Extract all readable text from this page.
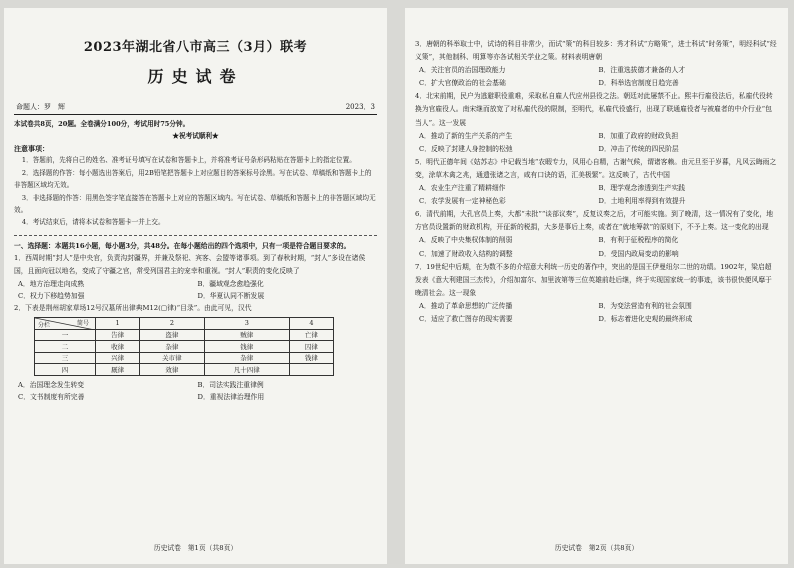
2023年湖北省八市高三（3月）联考
历史试卷
命题人：罗　辉	2023．3
本试卷共8页，20题。全卷满分100分，考试用时75分钟。
★祝考试顺利★
注意事项：
1．答题前，先将自己的姓名、准考证号填写在试卷和答题卡上，并将准考证号条形码粘贴在答题卡上的指定位置。
2．选择题的作答：每小题选出答案后，用2B铅笔把答题卡上对应题目的答案标号涂黑。写在试卷、草稿纸和答题卡上的非答题区域均无效。
3．非选择题的作答：用黑色签字笔直接答在答题卡上对应的答题区域内。写在试卷、草稿纸和答题卡上的非答题区域均无效。
4．考试结束后，请将本试卷和答题卡一并上交。
一、选择题：本题共16小题，每小题3分，共48分。在每小题给出的四个选项中，只有一项是符合题目要求的。
1．西周时期“封人”是中央官，负责沟封疆界，并兼及祭祀、宾客、会盟等诸事项。到了春秋时期，“封人”多设在诸侯国，且面向冠以地名，变成了守疆之官，常受列国君主的宠幸和重视。“封人”职责的变化反映了
A．地方治理走向成熟	B．疆域观念愈趋强化
C．权力下移趋势加强	D．华夏认同不断发展
2．下表是荆州胡家草场12号汉墓所出律典M12(▢律)“目录”。由此可见，汉代
简号
分栏	1	2	3	4
一	告律	盗律	贼律	亡律
二	收律	杂律	钱律	囚律
三	兴律	关市律	杂律	钱律
四	厩律	效律	凡十四律	
A．治国理念发生转变	B．司法实践注重律例
C．文书制度有所完善	D．重视法律治理作用
历史试卷　第1页（共8页）
3．唐朝的科举取士中，试诗的科目非常少，而试“策”的科目较多：秀才科试“方略策”，进士科试“时务策”，明经科试“经义策”，其他制科、明算等亦各试相关学业之策。材料表明唐朝
A．关注官员的治国理政能力	B．注重选拔德才兼备的人才
C．扩大官僚政治的社会基础	D．科举选官制度日趋完善
4．北宋前期，民户为逃避职役重难，采取私自雇人代应州县役之法。朝廷对此屡禁不止。熙丰行雇役法后，私雇代役转换为官雇役人。南宋继而放宽了对私雇代役的限制，至明代，私雇代役盛行，出现了联通雇役者与被雇者的中介行业“包当人”。这一发展
A．推动了新的生产关系的产生	B．加重了政府的财政负担
C．反映了封建人身控制的松弛	D．冲击了传统的四民阶层
5．明代正德年间《姑苏志》中记载当地“农暇专力，风用心自精，古谢气候，谓诸客赖。由元旦至于岁暮，凡风云晦雨之变，涂草木禽之兆，通遗张诸之言，咸有口诀的语，汇美极繁”。这反映了，古代中国
A．农业生产注重了精耕细作	B．理学观念渗透到生产实践
C．农学发展有一定神秘色彩	D．土地利用率得到有效提升
6．清代前期，大孔官员上奏，大都“未批”“谈部议奏”，反复议奏之后，才可能实施。到了晚清，这一情况有了变化，地方官员设置新的财政机构，开征新的税捐，大多是事后上奏，或者在“就地筹款”的原则下，不予上奏。这一变化的出现
A．反映了中央集权体制的削弱	B．有利于征税程序的简化
C．加速了财政收入结构的调整	D．受国内政局变动的影响
7．19世纪中后期，在为数不多的介绍意大利统一历史的著作中，突出的是国王伊曼纽尔二世的功绩。1902年，梁启超发表《意大利建国三杰传》，介绍加富尔、加里波第等三位英雄前赴后继，终于实现国家统一的事迹，该书很快便风靡于晚清社会。这一现象
A．推动了革命思想的广泛传播	B．为变法营造有利的社会氛围
C．适应了救亡图存的现实需要	D．标志着进化史观的最终形成
历史试卷　第2页（共8页）
